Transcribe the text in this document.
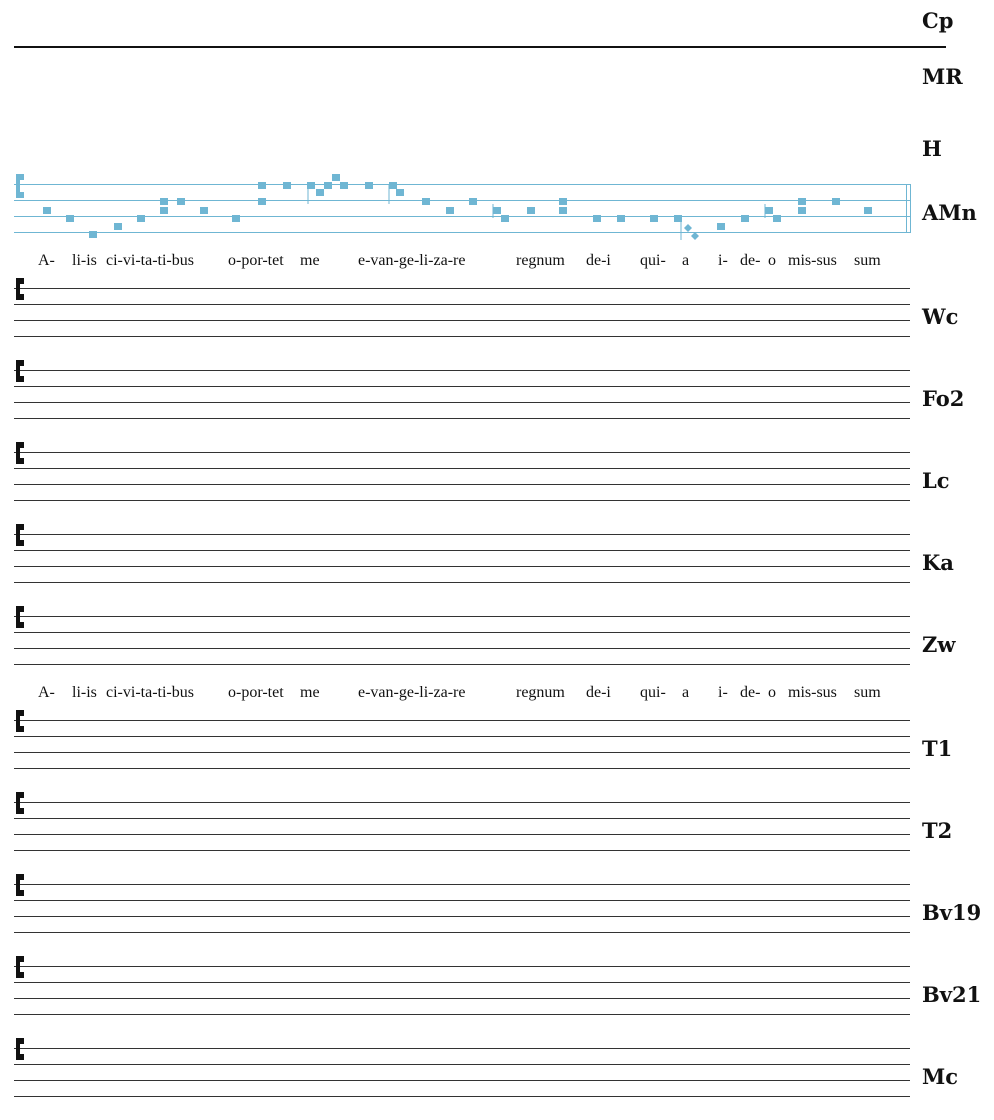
Cp
MR
H
AMn
A- li-is ci-vi-ta-ti-bus o-por-tet me e-van-ge-li-za-re	regnum de-i qui- a i- de- o mis-sus sum
Wc
Fo2
Lc
Ka
Zw
T1
T2
Bv19
Bv21
Mc
A- li-is ci-vi-ta-ti-bus o-por-tet me e-van-ge-li-za-re	regnum de-i qui- a i- de- o mis-sus sum
